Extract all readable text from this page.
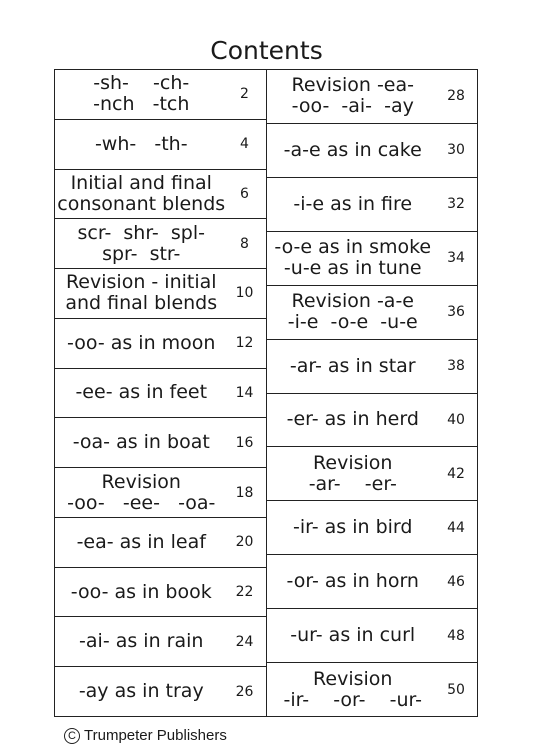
Contents
-sh-    -ch-
-nch   -tch	2
-wh-   -th-	4
Initial and final
consonant blends	6
scr-  shr-  spl-
spr-  str-	8
Revision - initial
and final blends	10
-oo- as in moon	12
-ee- as in feet	14
-oa- as in boat	16
Revision
-oo-   -ee-   -oa-	18
-ea- as in leaf	20
-oo- as in book	22
-ai- as in rain	24
-ay as in tray	26
Revision -ea-
-oo-  -ai-  -ay	28
-a-e as in cake	30
-i-e as in fire	32
-o-e as in smoke
-u-e as in tune	34
Revision -a-e
-i-e  -o-e  -u-e	36
-ar- as in star	38
-er- as in herd	40
Revision
-ar-    -er-	42
-ir- as in bird	44
-or- as in horn	46
-ur- as in curl	48
Revision
-ir-    -or-    -ur-	50
C Trumpeter Publishers
